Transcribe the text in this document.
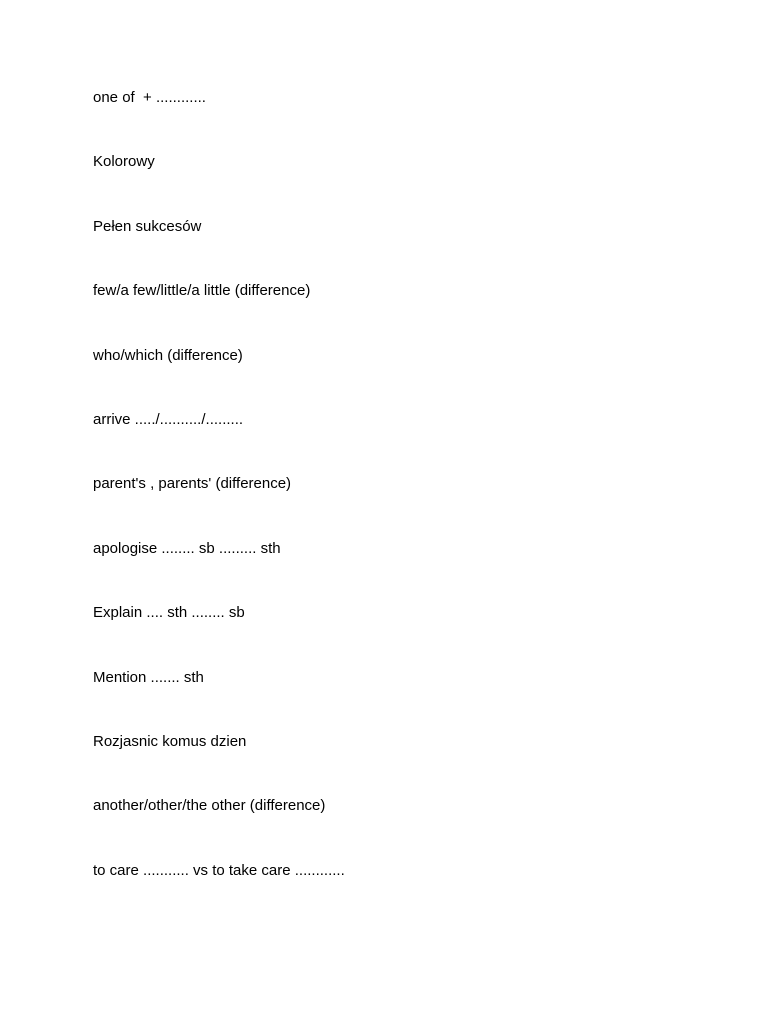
one of  + ............
Kolorowy
Pełen sukcesów
few/a few/little/a little (difference)
who/which (difference)
arrive ...../........../.........
parent's , parents' (difference)
apologise ........ sb ......... sth
Explain .... sth ........ sb
Mention ....... sth
Rozjasnic komus dzien
another/other/the other (difference)
to care ........... vs to take care ............
